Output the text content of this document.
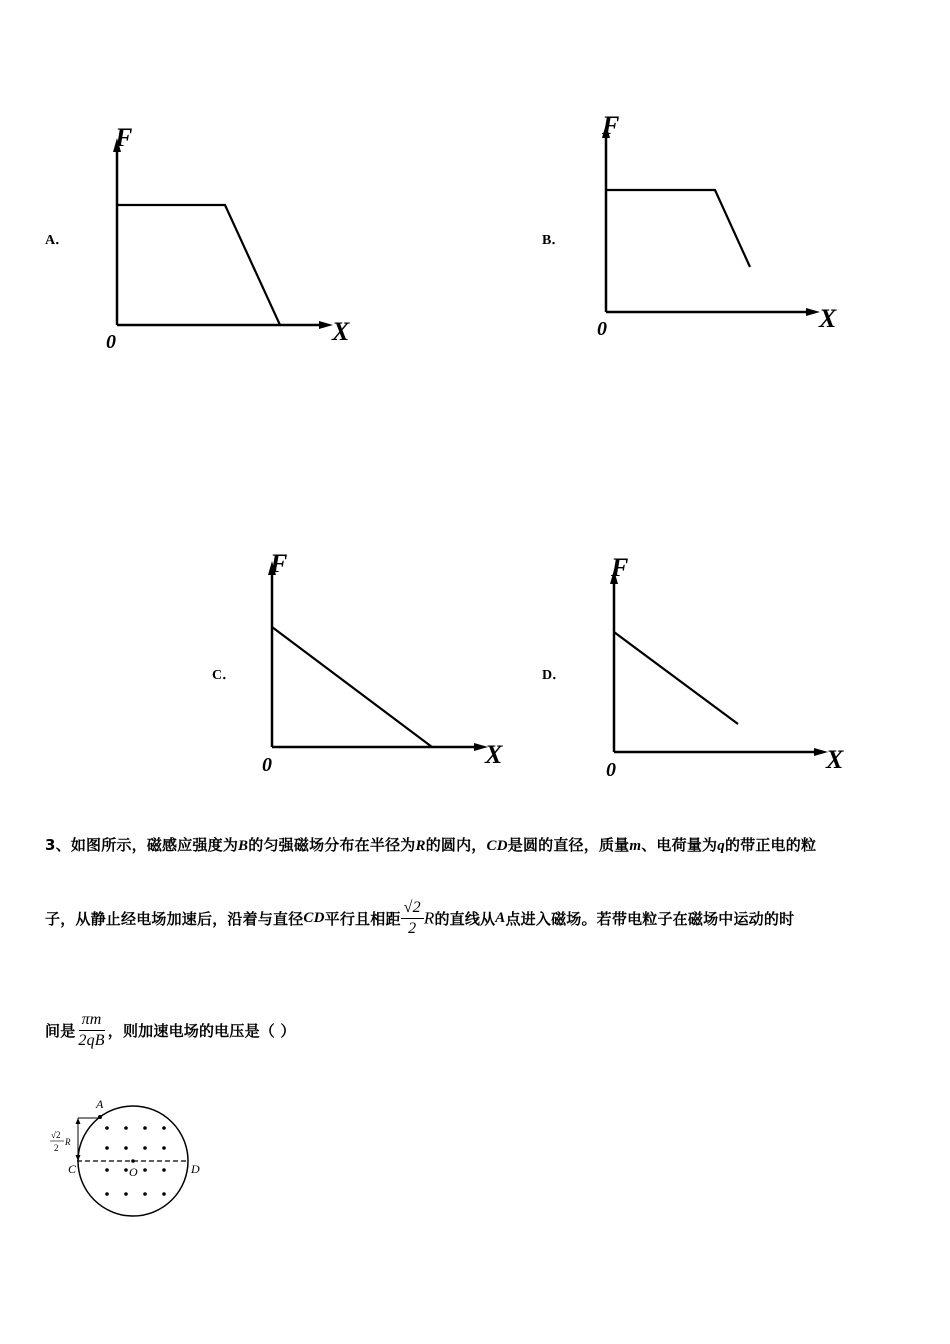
A．
F
X
0
B．
F
X
0
C．
F
X
0
D．
F
X
0
3、如图所示，磁感应强度为B的匀强磁场分布在半径为R的圆内，CD是圆的直径，质量m、电荷量为q的带正电的粒
子，从静止经电场加速后，沿着与直径CD平行且相距 $\frac{√2}{2}$ R的直线从A点进入磁场。若带电粒子在磁场中运动的时
间是 $\frac{\pi m}{2qB}$ ，则加速电场的电压是（ ）
A
C	D
O
√2
2
R
